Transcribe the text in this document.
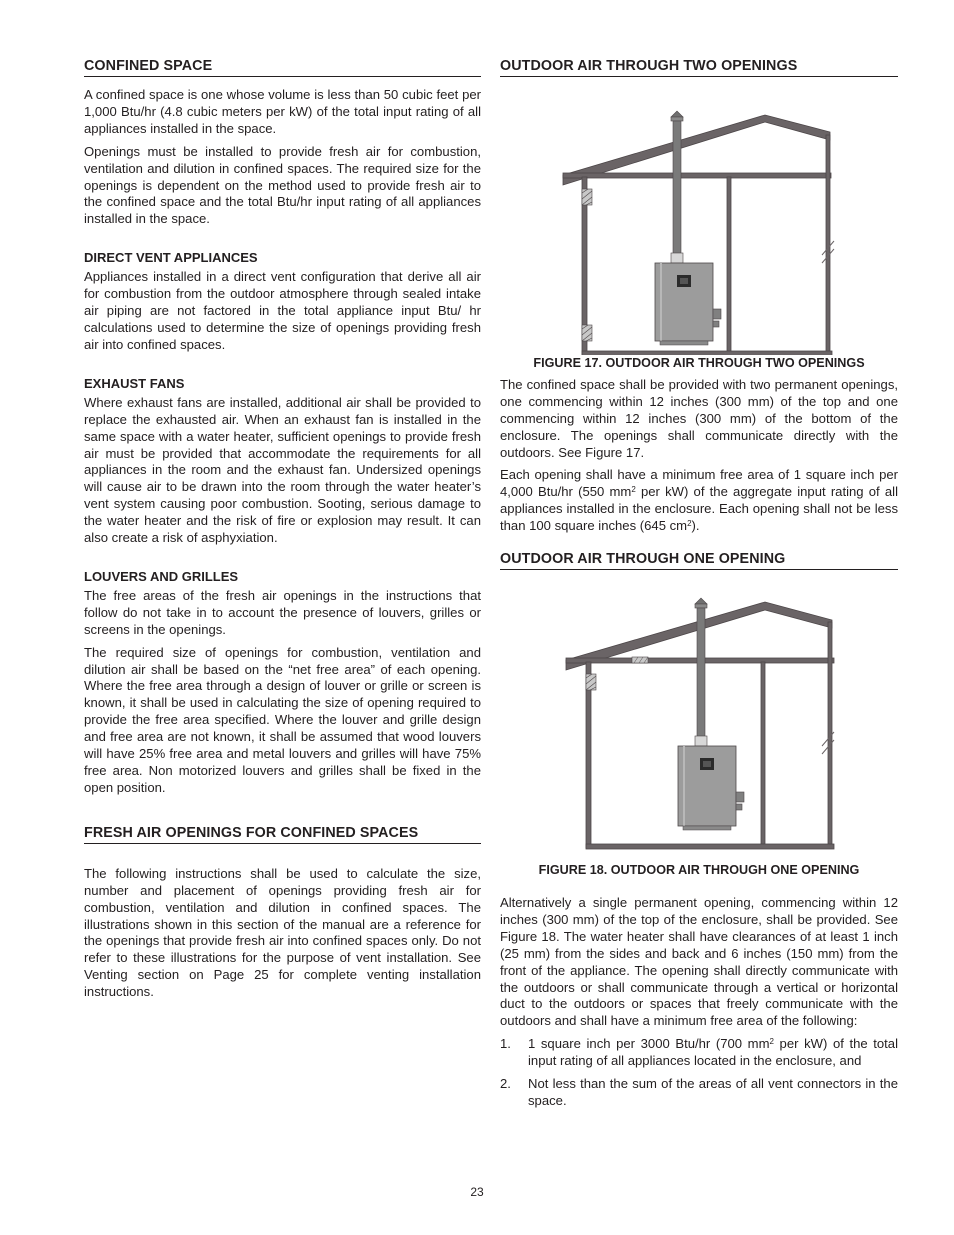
CONFINED SPACE

A confined space is one whose volume is less than 50 cubic feet per 1,000 Btu/hr (4.8 cubic meters per kW) of the total input rating of all appliances installed in the space.

Openings must be installed to provide fresh air for combustion, ventilation and dilution in confined spaces. The required size for the openings is dependent on the method used to provide fresh air to the confined space and the total Btu/hr input rating of all appliances installed in the space.

DIRECT VENT APPLIANCES

Appliances installed in a direct vent configuration that derive all air for combustion from the outdoor atmosphere through sealed intake air piping are not factored in the total appliance input Btu/ hr calculations used to determine the size of openings providing fresh air into confined spaces.

EXHAUST FANS

Where exhaust fans are installed, additional air shall be provided to replace the exhausted air. When an exhaust fan is installed in the same space with a water heater, sufficient openings to provide fresh air must be provided that accommodate the requirements for all appliances in the room and the exhaust fan. Undersized openings will cause air to be drawn into the room through the water heater’s vent system causing poor combustion. Sooting, serious damage to the water heater and the risk of fire or explosion may result. It can also create a risk of asphyxiation.

LOUVERS AND GRILLES

The free areas of the fresh air openings in the instructions that follow do not take in to account the presence of louvers, grilles or screens in the openings.

The required size of openings for combustion, ventilation and dilution air shall be based on the “net free area” of each opening. Where the free area through a design of louver or grille or screen is known, it shall be used in calculating the size of opening required to provide the free area specified. Where the louver and grille design and free area are not known, it shall be assumed that wood louvers will have 25% free area and metal louvers and grilles will have 75% free area. Non motorized louvers and grilles shall be fixed in the open position.

FRESH AIR OPENINGS FOR CONFINED SPACES

The following instructions shall be used to calculate the size, number and placement of openings providing fresh air for combustion, ventilation and dilution in confined spaces. The illustrations shown in this section of the manual are a reference for the openings that provide fresh air into confined spaces only. Do not refer to these illustrations for the purpose of vent installation. See Venting section on Page 25 for complete venting installation instructions.

OUTDOOR AIR THROUGH TWO OPENINGS

FIGURE 17. OUTDOOR AIR THROUGH TWO OPENINGS

The confined space shall be provided with two permanent openings, one commencing within 12 inches (300 mm) of the top and one commencing within 12 inches (300 mm) of the bottom of the enclosure. The openings shall communicate directly with the outdoors. See Figure 17.

Each opening shall have a minimum free area of 1 square inch per 4,000 Btu/hr (550 $mm^2$ per kW) of the aggregate input rating of all appliances installed in the enclosure. Each opening shall not be less than 100 square inches (645 $cm^2$).

OUTDOOR AIR THROUGH ONE OPENING

FIGURE 18. OUTDOOR AIR THROUGH ONE OPENING

Alternatively a single permanent opening, commencing within 12 inches (300 mm) of the top of the enclosure, shall be provided. See Figure 18. The water heater shall have clearances of at least 1 inch (25 mm) from the sides and back and 6 inches (150 mm) from the front of the appliance. The opening shall directly communicate with the outdoors or shall communicate through a vertical or horizontal duct to the outdoors or spaces that freely communicate with the outdoors and shall have a minimum free area of the following:

1. 1 square inch per 3000 Btu/hr (700 $mm^2$ per kW) of the total input rating of all appliances located in the enclosure, and
2. Not less than the sum of the areas of all vent connectors in the space.
23
